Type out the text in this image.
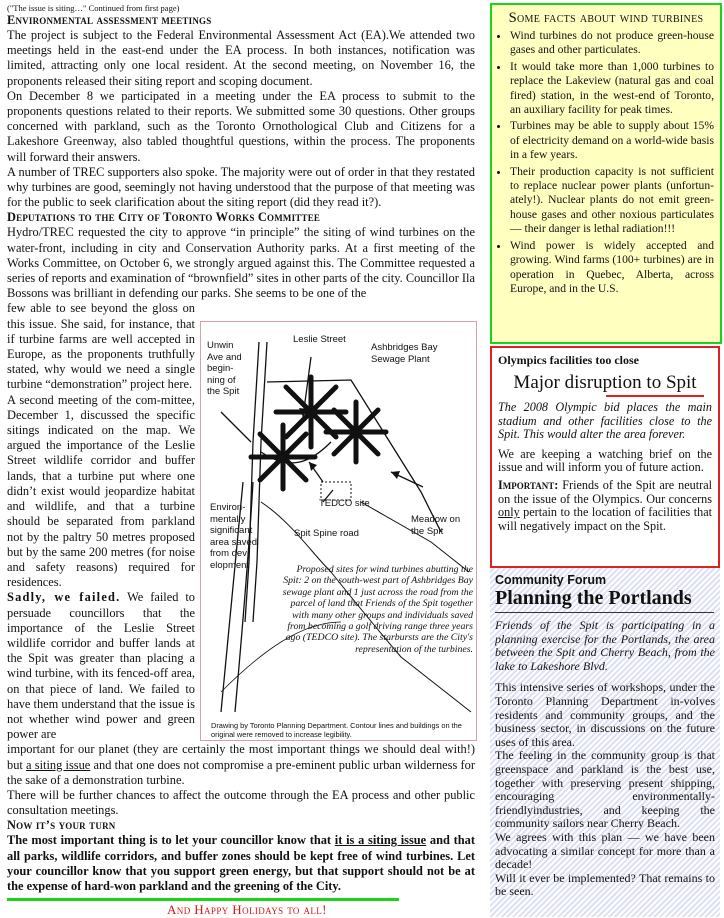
("The issue is siting…" Continued from first page)
Environmental assessment meetings

The project is subject to the Federal Environmental Assessment Act (EA).We attended two meetings held in the east-end under the EA process. In both instances, notification was limited, attracting only one local resident. At the second meeting, on November 16, the proponents released their siting report and scoping document.

On December 8 we participated in a meeting under the EA process to submit to the proponents questions related to their reports. We submitted some 30 questions. Other groups concerned with parkland, such as the Toronto Ornothological Club and Citizens for a Lakeshore Greenway, also tabled thoughtful questions, within the process. The proponents will forward their answers.

A number of TREC supporters also spoke. The majority were out of order in that they restated why turbines are good, seemingly not having understood that the purpose of that meeting was for the public to seek clarification about the siting report (did they read it?).

Deputations to the City of Toronto Works Committee

Hydro/TREC requested the city to approve “in principle” the siting of wind turbines on the water-front, including in city and Conservation Authority parks. At a first meeting of the Works Committee, on October 6, we strongly argued against this. The Committee requested a series of reports and examination of “brownfield” sites in other parts of the city. Councillor Ila Bossons was brilliant in defending our parks. She seems to be one of the

few able to see beyond the gloss on this issue. She said, for instance, that if turbine farms are well accepted in Europe, as the proponents truthfully stated, why would we need a single turbine “demonstration” project here.

A second meeting of the com-mittee, December 1, discussed the specific sitings indicated on the map. We argued the importance of the Leslie Street wildlife corridor and buffer lands, that a turbine put where one didn’t exist would jeopardize habitat and wildlife, and that a turbine should be separated from parkland not by the paltry 50 metres proposed but by the same 200 metres (for noise and safety reasons) required for residences.

Sadly, we failed. We failed to persuade councillors that the importance of the Leslie Street wildlife corridor and buffer lands at the Spit was greater than placing a wind turbine, with its fenced-off area, on that piece of land. We failed to have them understand that the issue is not whether wind power and green power are

important for our planet (they are certainly the most important things we should deal with!) but a siting issue and that one does not compromise a pre-eminent public urban wilderness for the sake of a demonstration turbine.

There will be further chances to affect the outcome through the EA process and other public consultation meetings.

Now it’s your turn

The most important thing is to let your councillor know that it is a siting issue and that all parks, wildlife corridors, and buffer zones should be kept free of wind turbines. Let your councillor know that you support green energy, but that support should not be at the expense of hard-won parkland and the greening of the City.

Unwin Ave and begin- ning of the Spit
Leslie Street
Ashbridges Bay Sewage Plant
TEDCO site
Environ- mentally significant area saved from dev- elopment
Spit Spine road
Meadow on the Spit
Proposed sites for wind turbines abutting the Spit: 2 on the south-west part of Ashbridges Bay sewage plant and 1 just across the road from the parcel of land that Friends of the Spit together with many other groups and individuals saved from becoming a golf driving range three years ago (TEDCO site). The starbursts are the City's representation of the turbines.
Drawing by Toronto Planning Department. Contour lines and buildings on the original were removed to increase legibility.
And Happy Holidays to all!
Some facts about wind turbines
• Wind turbines do not produce green-house gases and other particulates.
• It would take more than 1,000 turbines to replace the Lakeview (natural gas and coal fired) station, in the west-end of Toronto, an auxiliary facility for peak times.
• Turbines may be able to supply about 15% of electricity demand on a world-wide basis in a few years.
• Their production capacity is not sufficient to replace nuclear power plants (unfortun-ately!). Nuclear plants do not emit green-house gases and other noxious particulates — their danger is lethal radiation!!!
• Wind power is widely accepted and growing. Wind farms (100+ turbines) are in operation in Quebec, Alberta, across Europe, and in the U.S.
Olympics facilities too close
Major disruption to Spit

The 2008 Olympic bid places the main stadium and other facilities close to the Spit. This would alter the area forever.

We are keeping a watching brief on the issue and will inform you of future action.

Important: Friends of the Spit are neutral on the issue of the Olympics. Our concerns only pertain to the location of facilities that will negatively impact on the Spit.

Community Forum
Planning the Portlands

Friends of the Spit is participating in a planning exercise for the Portlands, the area between the Spit and Cherry Beach, from the lake to Lakeshore Blvd.

This intensive series of workshops, under the Toronto Planning Department in-volves residents and community groups, and the business sector, in discussions on the future uses of this area.

The feeling in the community group is that greenspace and parkland is the best use, together with preserving present shipping, encouraging environmentally-friendlyindustries, and keeping the community sailors near Cherry Beach.

We agrees with this plan — we have been advocating a similar concept for more than a decade!

Will it ever be implemented? That remains to be seen.
